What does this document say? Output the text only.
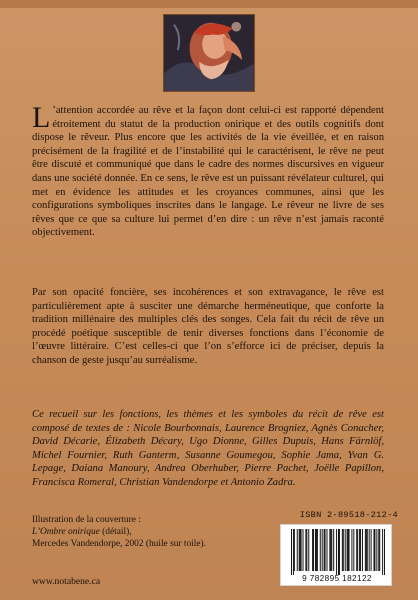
L ’attention accordée au rêve et la façon dont celui-ci est rapporté dépendent étroitement du statut de la production onirique et des outils cognitifs dont dispose le rêveur. Plus encore que les activités de la vie éveillée, et en raison précisément de la fragilité et de l’instabilité qui le caractérisent, le rêve ne peut être discuté et communiqué que dans le cadre des normes discursives en vigueur dans une société donnée. En ce sens, le rêve est un puissant révélateur culturel, qui met en évidence les attitudes et les croyances communes, ainsi que les configurations symboliques inscrites dans le langage. Le rêveur ne livre de ses rêves que ce que sa culture lui permet d’en dire : un rêve n’est jamais raconté objectivement.
Par son opacité foncière, ses incohérences et son extravagance, le rêve est particulièrement apte à susciter une démarche herméneutique, que conforte la tradition millénaire des multiples clés des songes. Cela fait du récit de rêve un procédé poétique susceptible de tenir diverses fonctions dans l’économie de l’œuvre littéraire. C’est celles-ci que l’on s’efforce ici de préciser, depuis la chanson de geste jusqu’au surréalisme.
Ce recueil sur les fonctions, les thèmes et les symboles du récit de rêve est composé de textes de : Nicole Bourbonnais, Laurence Brogniez, Agnès Conacher, David Décarie, Élizabeth Décary, Ugo Dionne, Gilles Dupuis, Hans Färnlöf, Michel Fournier, Ruth Ganterт, Susanne Goumegou, Sophie Jama, Yvan G. Lepage, Daiana Manoury, Andrea Oberhuber, Pierre Pachet, Joëlle Papillon, Francisca Romeral, Christian Vandendorpe et Antonio Zadra.
Illustration de la couverture :
L’Ombre onirique (détail),
Mercedes Vandendorpe, 2002 (huile sur toile).
ISBN 2-89518-212-4
9 782895 182122
www.notabene.ca
